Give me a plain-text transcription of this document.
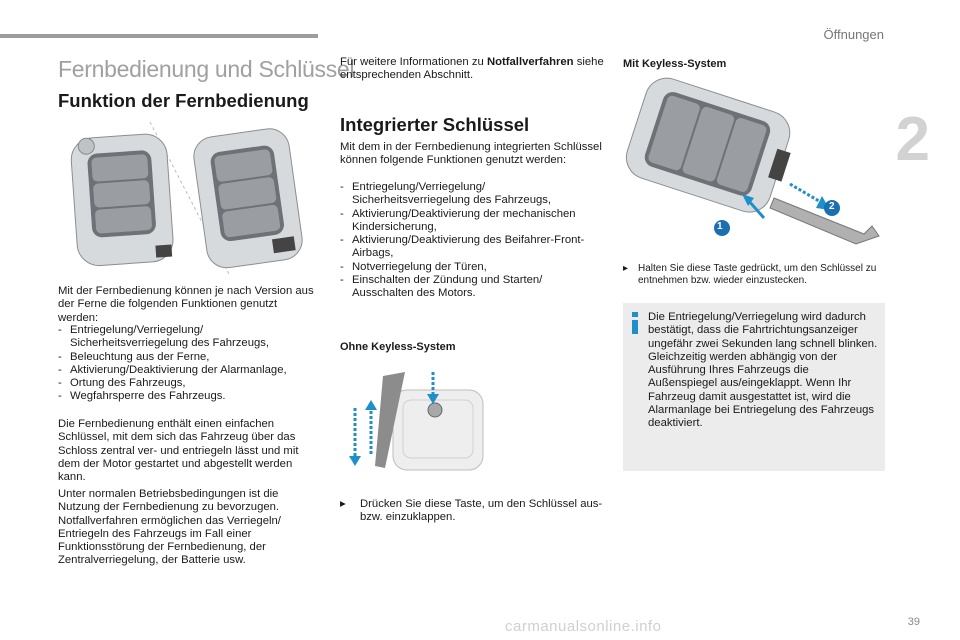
Öffnungen
2
Fernbedienung und Schlüssel
Funktion der Fernbedienung
Mit der Fernbedienung können je nach Version aus der Ferne die folgenden Funktionen genutzt werden:
- Entriegelung/Verriegelung/ Sicherheitsverriegelung des Fahrzeugs,
- Beleuchtung aus der Ferne,
- Aktivierung/Deaktivierung der Alarmanlage,
- Ortung des Fahrzeugs,
- Wegfahrsperre des Fahrzeugs.
Die Fernbedienung enthält einen einfachen Schlüssel, mit dem sich das Fahrzeug über das Schloss zentral ver- und entriegeln lässt und mit dem der Motor gestartet und abgestellt werden kann.
Unter normalen Betriebsbedingungen ist die Nutzung der Fernbedienung zu bevorzugen. Notfallverfahren ermöglichen das Verriegeln/ Entriegeln des Fahrzeugs im Fall einer Funktionsstörung der Fernbedienung, der Zentralverriegelung, der Batterie usw.
Für weitere Informationen zu Notfallverfahren siehe entsprechenden Abschnitt.
Integrierter Schlüssel
Mit dem in der Fernbedienung integrierten Schlüssel können folgende Funktionen genutzt werden:
- Entriegelung/Verriegelung/ Sicherheitsverriegelung des Fahrzeugs,
- Aktivierung/Deaktivierung der mechanischen Kindersicherung,
- Aktivierung/Deaktivierung des Beifahrer-Front-Airbags,
- Notverriegelung der Türen,
- Einschalten der Zündung und Starten/ Ausschalten des Motors.
Ohne Keyless-System
▸ Drücken Sie diese Taste, um den Schlüssel aus- bzw. einzuklappen.
Mit Keyless-System
1
2
▸ Halten Sie diese Taste gedrückt, um den Schlüssel zu entnehmen bzw. wieder einzustecken.
Die Entriegelung/Verriegelung wird dadurch bestätigt, dass die Fahrtrichtungsanzeiger ungefähr zwei Sekunden lang schnell blinken. Gleichzeitig werden abhängig von der Ausführung Ihres Fahrzeugs die Außenspiegel aus/eingeklappt. Wenn Ihr Fahrzeug damit ausgestattet ist, wird die Alarmanlage bei Entriegelung des Fahrzeugs deaktiviert.
39
carmanualsonline.info
